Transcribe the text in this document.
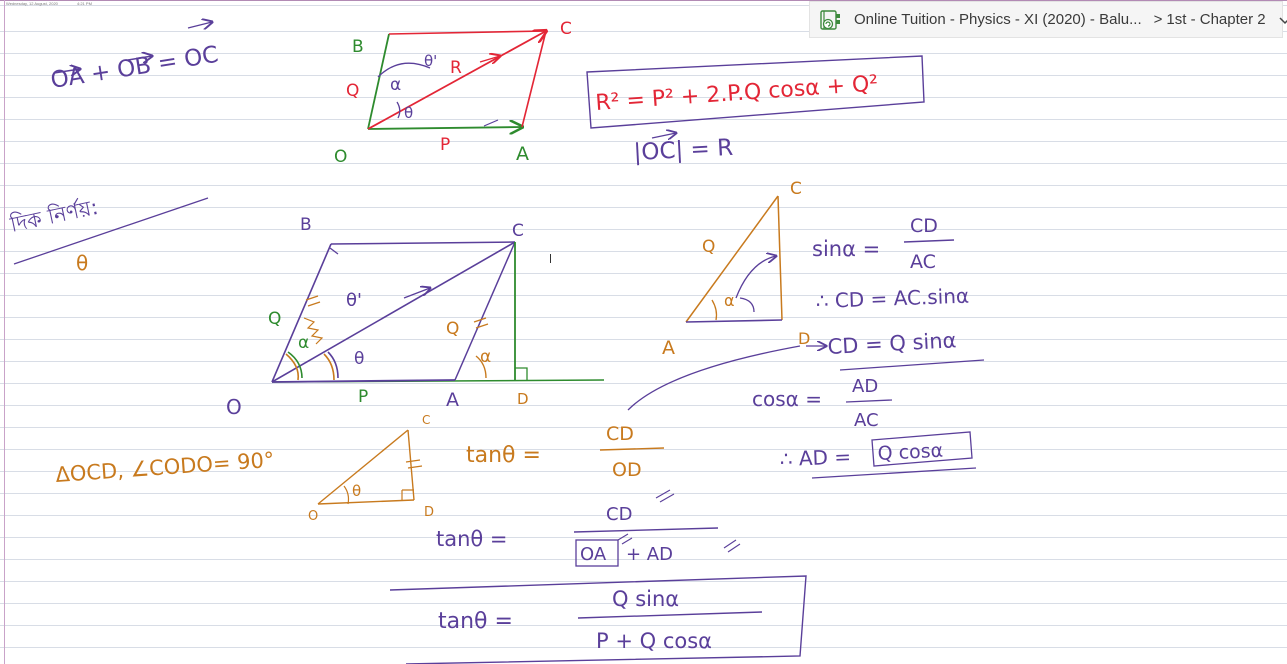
Wednesday, 12 August, 2020	4:21 PM
OA + OB = OC	B
C
O	A
P
Q
R
α
θ
θ'
R² = P² + 2.P.Q cosα + Q²
|OC| = R
দিক নির্ণয়:
θ
B	C
O	A	D
P
Q	Q
α
α
θ
θ'
A
C
D
Q
α
sinα =
CD
AC
∴ CD = AC.sinα
CD = Q sinα
cosα =
AD
AC
∴ AD = Q cosα
ΔOCD, ∠CODO= 90°
O
C
D
θ
tanθ =
CD
OD
tanθ =
CD
OA + AD
tanθ =
Q sinα
P + Q cosα
Online Tuition - Physics - XI (2020) - Balu... > 1st - Chapter 2
